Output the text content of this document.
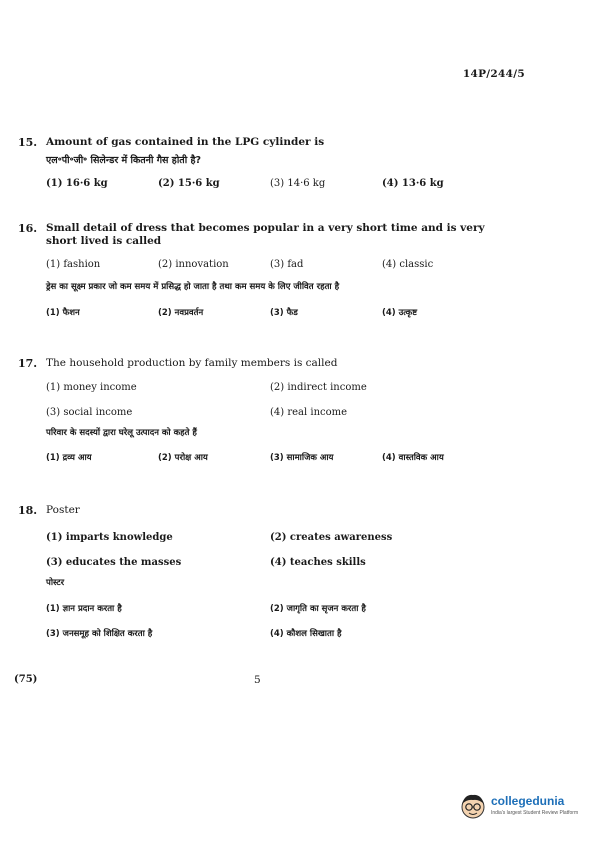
14P/244/5
15. Amount of gas contained in the LPG cylinder is
एल॰पी॰जी॰ सिलेन्डर में कितनी गैस होती है?
(1) 16·6 kg	(2) 15·6 kg	(3) 14·6 kg	(4) 13·6 kg
16. Small detail of dress that becomes popular in a very short time and is very short lived is called
(1) fashion	(2) innovation	(3) fad	(4) classic
ड्रेस का सूक्ष्म प्रकार जो कम समय में प्रसिद्ध हो जाता है तथा कम समय के लिए जीवित रहता है
(1) फैशन	(2) नवप्रवर्तन	(3) फैड	(4) उत्कृष्ट
17. The household production by family members is called
(1) money income	(2) indirect income
(3) social income	(4) real income
परिवार के सदस्यों द्वारा घरेलू उत्पादन को कहते हैं
(1) द्रव्य आय	(2) परोक्ष आय	(3) सामाजिक आय	(4) वास्तविक आय
18. Poster
(1) imparts knowledge	(2) creates awareness
(3) educates the masses	(4) teaches skills
पोस्टर
(1) ज्ञान प्रदान करता है	(2) जागृति का सृजन करता है
(3) जनसमूह को शिक्षित करता है	(4) कौशल सिखाता है
(75)	5
collegedunia
India's largest Student Review Platform
